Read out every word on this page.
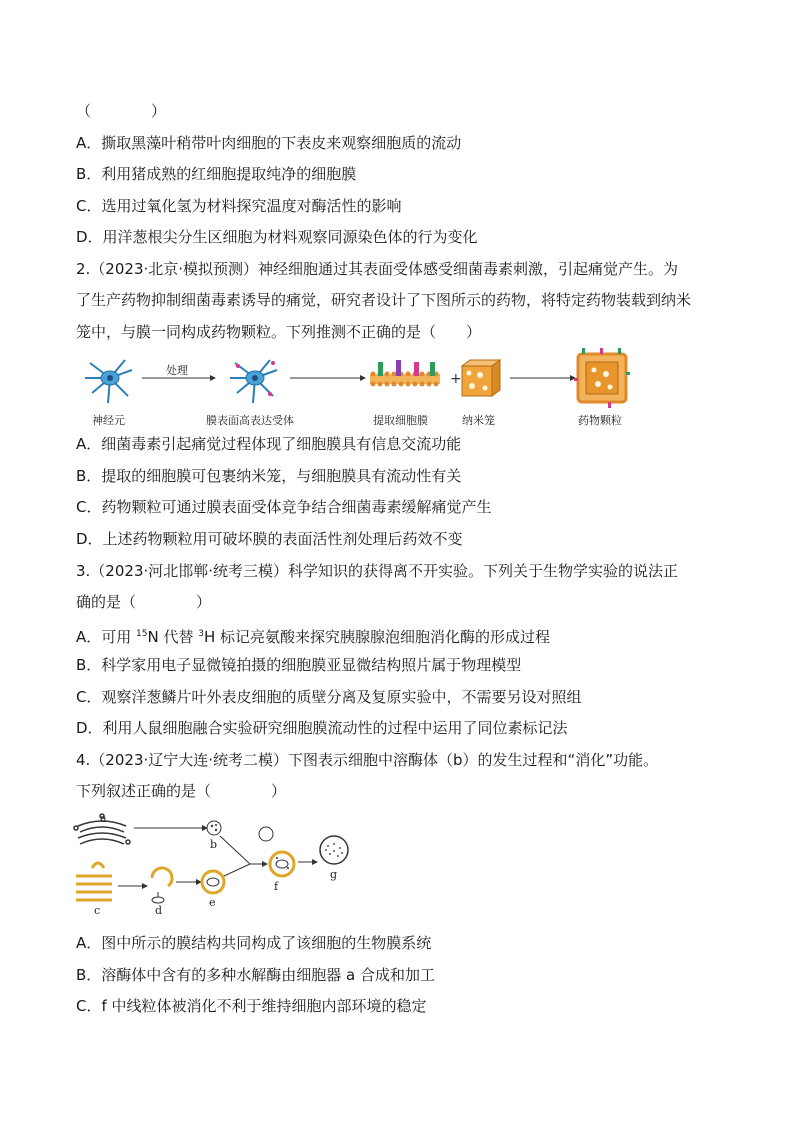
（　　　　）
A．撕取黑藻叶稍带叶肉细胞的下表皮来观察细胞质的流动
B．利用猪成熟的红细胞提取纯净的细胞膜
C．选用过氧化氢为材料探究温度对酶活性的影响
D．用洋葱根尖分生区细胞为材料观察同源染色体的行为变化
2.（2023·北京·模拟预测）神经细胞通过其表面受体感受细菌毒素刺激，引起痛觉产生。为
了生产药物抑制细菌毒素诱导的痛觉，研究者设计了下图所示的药物，将特定药物装载到纳米
笼中，与膜一同构成药物颗粒。下列推测不正确的是（　　）
+
处理
神经元	膜表面高表达受体	提取细胞膜	纳米笼	药物颗粒
A．细菌毒素引起痛觉过程体现了细胞膜具有信息交流功能
B．提取的细胞膜可包裹纳米笼，与细胞膜具有流动性有关
C．药物颗粒可通过膜表面受体竞争结合细菌毒素缓解痛觉产生
D．上述药物颗粒用可破坏膜的表面活性剂处理后药效不变
3.（2023·河北邯郸·统考三模）科学知识的获得离不开实验。下列关于生物学实验的说法正
确的是（　　　　）
A．可用 $^{15}$N 代替 $^3$H 标记亮氨酸来探究胰腺腺泡细胞消化酶的形成过程
B．科学家用电子显微镜拍摄的细胞膜亚显微结构照片属于物理模型
C．观察洋葱鳞片叶外表皮细胞的质壁分离及复原实验中，不需要另设对照组
D．利用人鼠细胞融合实验研究细胞膜流动性的过程中运用了同位素标记法
4.（2023·辽宁大连·统考二模）下图表示细胞中溶酶体（b）的发生过程和“消化”功能。
下列叙述正确的是（　　　　）
a
b
c	d
e
f
g
A．图中所示的膜结构共同构成了该细胞的生物膜系统
B．溶酶体中含有的多种水解酶由细胞器 a 合成和加工
C．f 中线粒体被消化不利于维持细胞内部环境的稳定
